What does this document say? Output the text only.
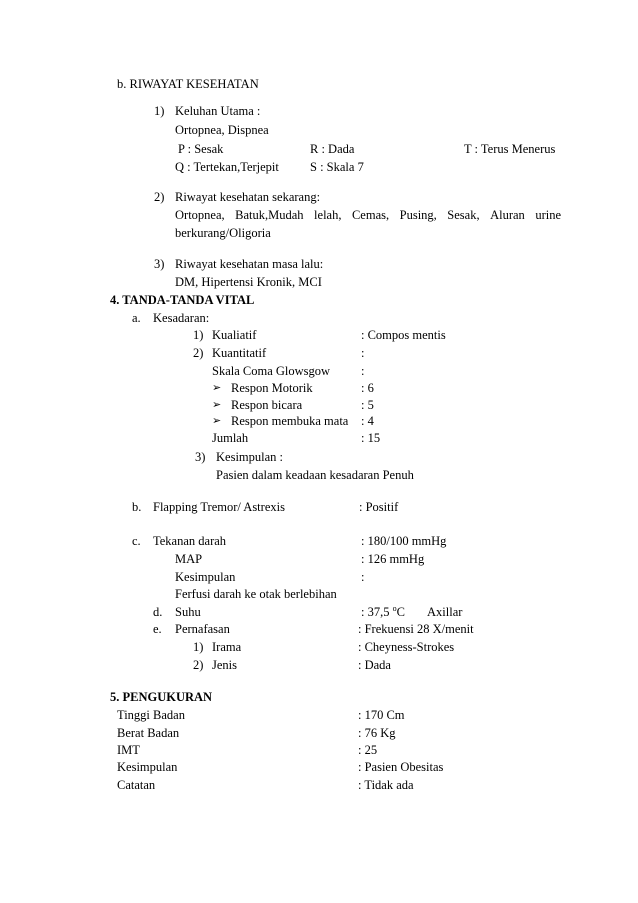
b. RIWAYAT KESEHATAN
1) Keluhan Utama :
Ortopnea, Dispnea
P : Sesak	R : Dada	T : Terus Menerus
Q : Tertekan,Terjepit S : Skala 7
2) Riwayat kesehatan sekarang:
Ortopnea, Batuk,Mudah lelah, Cemas, Pusing, Sesak, Aluran urine
berkurang/Oligoria
3) Riwayat kesehatan masa lalu:
DM, Hipertensi Kronik, MCI
4. TANDA-TANDA VITAL
a. Kesadaran:
1) Kualiatif	: Compos mentis
2) Kuantitatif	:
Skala Coma Glowsgow :
➢ Respon Motorik	: 6
➢ Respon bicara	: 5
➢ Respon membuka mata : 4
Jumlah	: 15
3) Kesimpulan :
Pasien dalam keadaan kesadaran Penuh
b. Flapping Tremor/ Astrexis	: Positif
c. Tekanan darah	: 180/100 mmHg
MAP	: 126 mmHg
Kesimpulan	:
Ferfusi darah ke otak berlebihan
d. Suhu	: 37,5 $^o$C Axillar
e. Pernafasan	: Frekuensi 28 X/menit
1) Irama	: Cheyness-Strokes
2) Jenis	: Dada
5. PENGUKURAN
Tinggi Badan	: 170 Cm
Berat Badan	: 76 Kg
IMT	: 25
Kesimpulan	: Pasien Obesitas
Catatan	: Tidak ada
